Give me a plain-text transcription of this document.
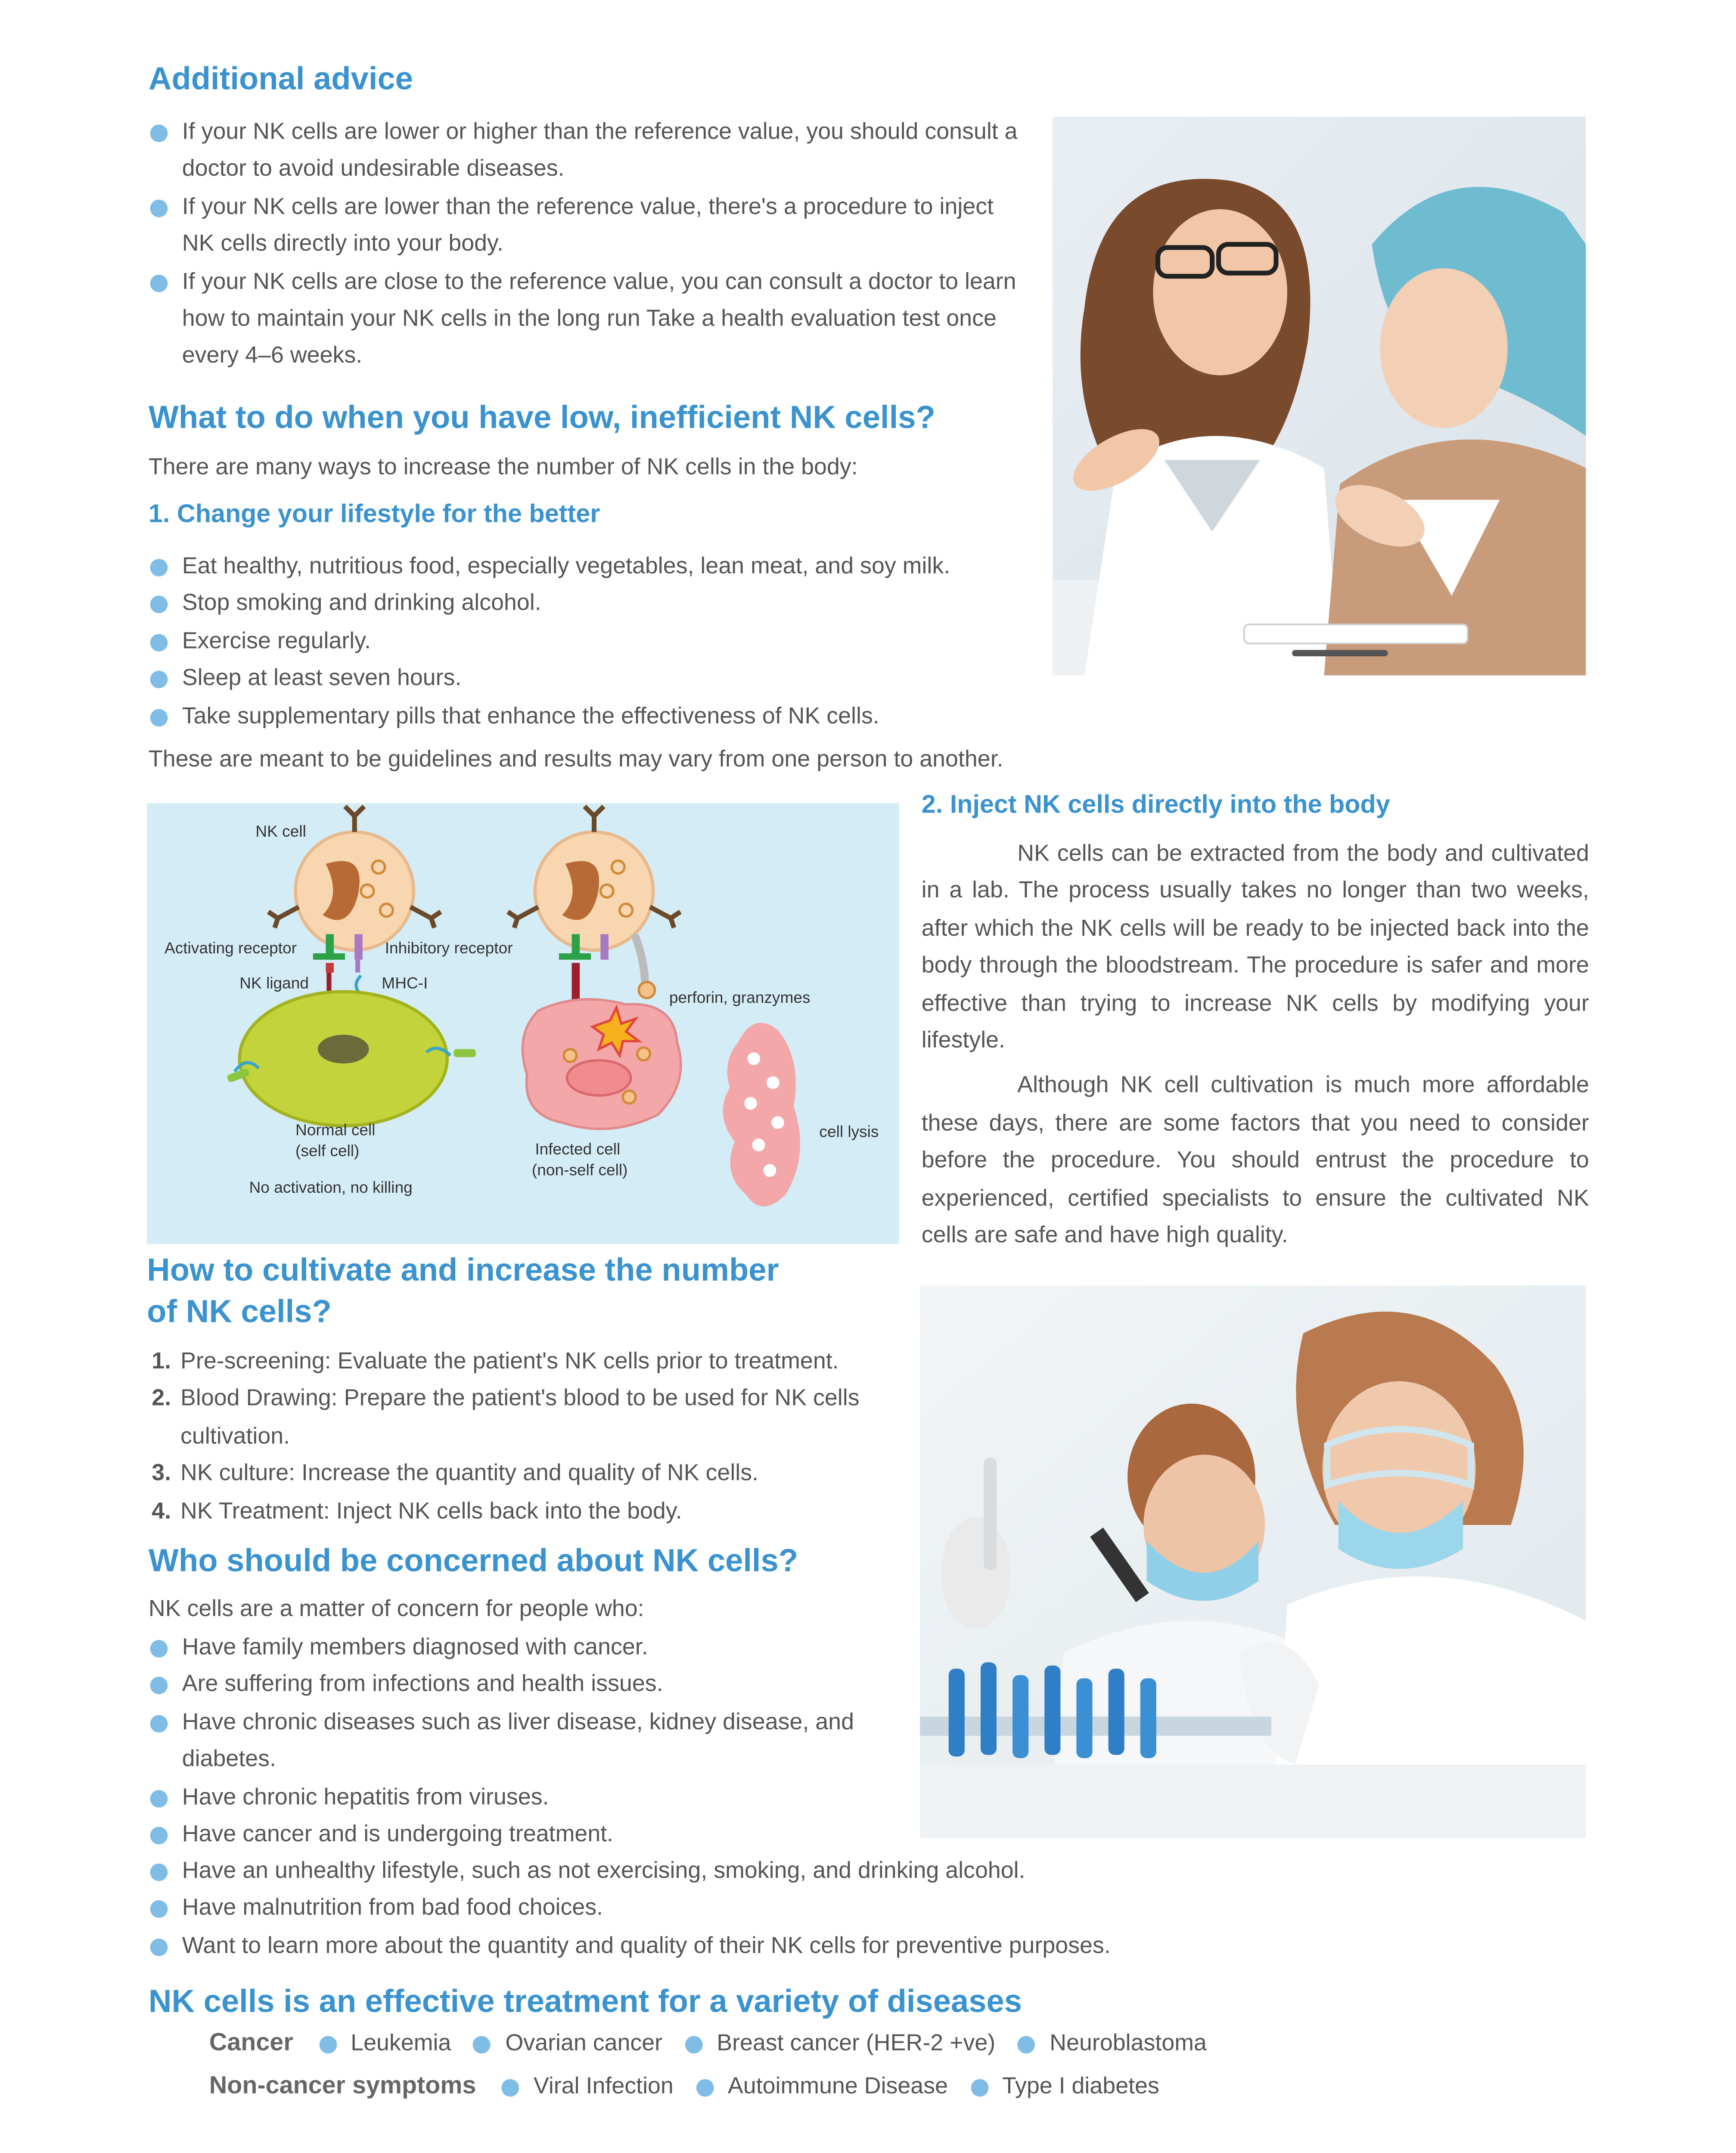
Additional advice
If your NK cells are lower or higher than the reference value, you should consult a doctor to avoid undesirable diseases.
If your NK cells are lower than the reference value, there's a procedure to inject NK cells directly into your body.
If your NK cells are close to the reference value, you can consult a doctor to learn how to maintain your NK cells in the long run Take a health evaluation test once every 4–6 weeks.
What to do when you have low, inefficient NK cells?
There are many ways to increase the number of NK cells in the body:
1. Change your lifestyle for the better
Eat healthy, nutritious food, especially vegetables, lean meat, and soy milk.
Stop smoking and drinking alcohol.
Exercise regularly.
Sleep at least seven hours.
Take supplementary pills that enhance the effectiveness of NK cells.
These are meant to be guidelines and results may vary from one person to another.
NK cell
Activating receptor	Inhibitory receptor
NK ligand	MHC-I
perforin, granzymes
Normal cell
(self cell)
No activation, no killing
Infected cell
(non-self cell)
cell lysis
2. Inject NK cells directly into the body

NK cells can be extracted from the body and cultivated in a lab. The process usually takes no longer than two weeks, after which the NK cells will be ready to be injected back into the body through the bloodstream. The procedure is safer and more effective than trying to increase NK cells by modifying your lifestyle.

Although NK cell cultivation is much more affordable these days, there are some factors that you need to consider before the procedure. You should entrust the procedure to experienced, certified specialists to ensure the cultivated NK cells are safe and have high quality.

How to cultivate and increase the number
of NK cells?
1. Pre-screening: Evaluate the patient's NK cells prior to treatment.
2. Blood Drawing: Prepare the patient's blood to be used for NK cells cultivation.
3. NK culture: Increase the quantity and quality of NK cells.
4. NK Treatment: Inject NK cells back into the body.
Who should be concerned about NK cells?
NK cells are a matter of concern for people who:
Have family members diagnosed with cancer.
Are suffering from infections and health issues.
Have chronic diseases such as liver disease, kidney disease, and diabetes.
Have chronic hepatitis from viruses.
Have cancer and is undergoing treatment.
Have an unhealthy lifestyle, such as not exercising, smoking, and drinking alcohol.
Have malnutrition from bad food choices.
Want to learn more about the quantity and quality of their NK cells for preventive purposes.
NK cells is an effective treatment for a variety of diseases
Cancer	Leukemia	Ovarian cancer	Breast cancer (HER-2 +ve)	Neuroblastoma
Non-cancer symptoms	Viral Infection	Autoimmune Disease	Type I diabetes
